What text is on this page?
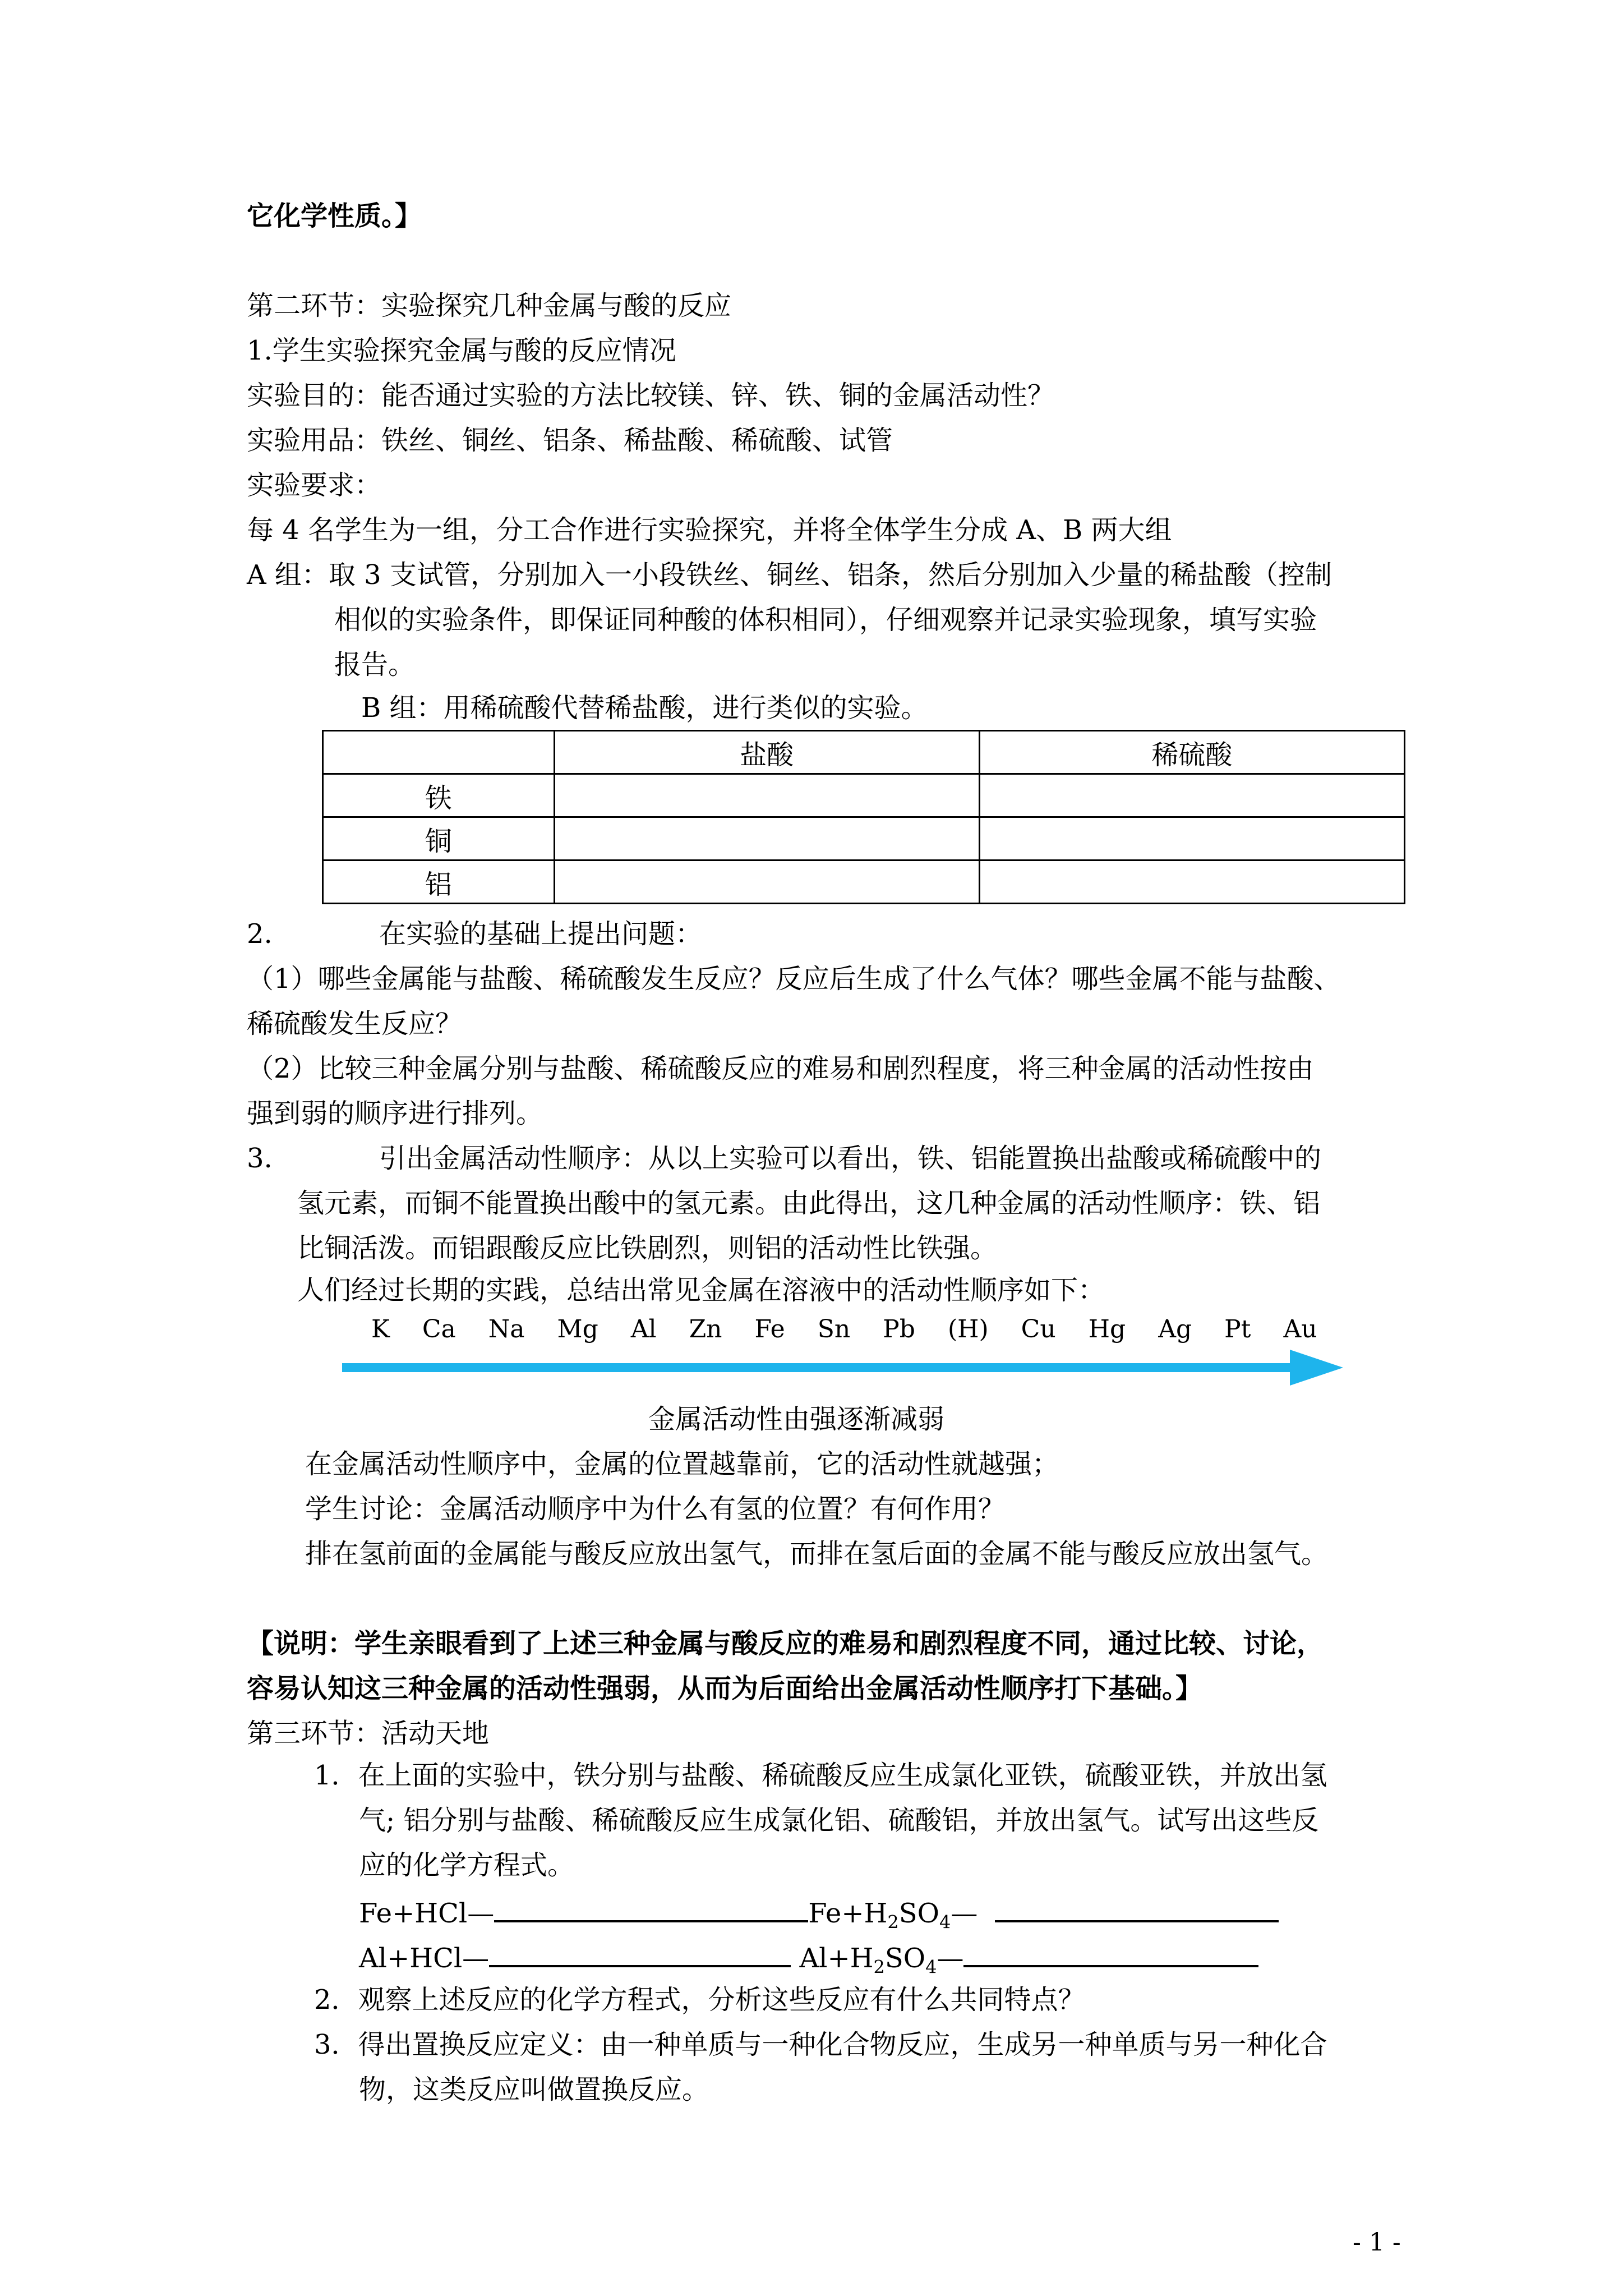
它化学性质。】
第二环节：实验探究几种金属与酸的反应
1.学生实验探究金属与酸的反应情况
实验目的：能否通过实验的方法比较镁、锌、铁、铜的金属活动性？
实验用品：铁丝、铜丝、铝条、稀盐酸、稀硫酸、试管
实验要求：
每 4 名学生为一组，分工合作进行实验探究，并将全体学生分成 A、B 两大组
A 组：取 3 支试管，分别加入一小段铁丝、铜丝、铝条，然后分别加入少量的稀盐酸（控制
相似的实验条件，即保证同种酸的体积相同），仔细观察并记录实验现象，填写实验
报告。
B 组：用稀硫酸代替稀盐酸，进行类似的实验。
	盐酸	稀硫酸
铁		
铜		
铝		
2.	在实验的基础上提出问题：
（1）哪些金属能与盐酸、稀硫酸发生反应？反应后生成了什么气体？哪些金属不能与盐酸、
稀硫酸发生反应？
（2）比较三种金属分别与盐酸、稀硫酸反应的难易和剧烈程度，将三种金属的活动性按由
强到弱的顺序进行排列。
3.	引出金属活动性顺序：从以上实验可以看出，铁、铝能置换出盐酸或稀硫酸中的
氢元素，而铜不能置换出酸中的氢元素。由此得出，这几种金属的活动性顺序：铁、铝
比铜活泼。而铝跟酸反应比铁剧烈，则铝的活动性比铁强。
人们经过长期的实践，总结出常见金属在溶液中的活动性顺序如下：
K Ca Na Mg Al Zn Fe Sn Pb (H) Cu Hg Ag Pt Au
金属活动性由强逐渐减弱
在金属活动性顺序中，金属的位置越靠前，它的活动性就越强；
学生讨论：金属活动顺序中为什么有氢的位置？有何作用？
排在氢前面的金属能与酸反应放出氢气，而排在氢后面的金属不能与酸反应放出氢气。
【说明：学生亲眼看到了上述三种金属与酸反应的难易和剧烈程度不同，通过比较、讨论，
容易认知这三种金属的活动性强弱，从而为后面给出金属活动性顺序打下基础。】
第三环节：活动天地
1．在上面的实验中，铁分别与盐酸、稀硫酸反应生成氯化亚铁，硫酸亚铁，并放出氢
气; 铝分别与盐酸、稀硫酸反应生成氯化铝、硫酸铝，并放出氢气。试写出这些反
应的化学方程式。
Fe+HCl—	$Fe+H_2SO_4—$
Al+HCl—	$Al+H_2SO_4—$
2．观察上述反应的化学方程式，分析这些反应有什么共同特点？
3．得出置换反应定义：由一种单质与一种化合物反应，生成另一种单质与另一种化合
物，这类反应叫做置换反应。
- 1 -
